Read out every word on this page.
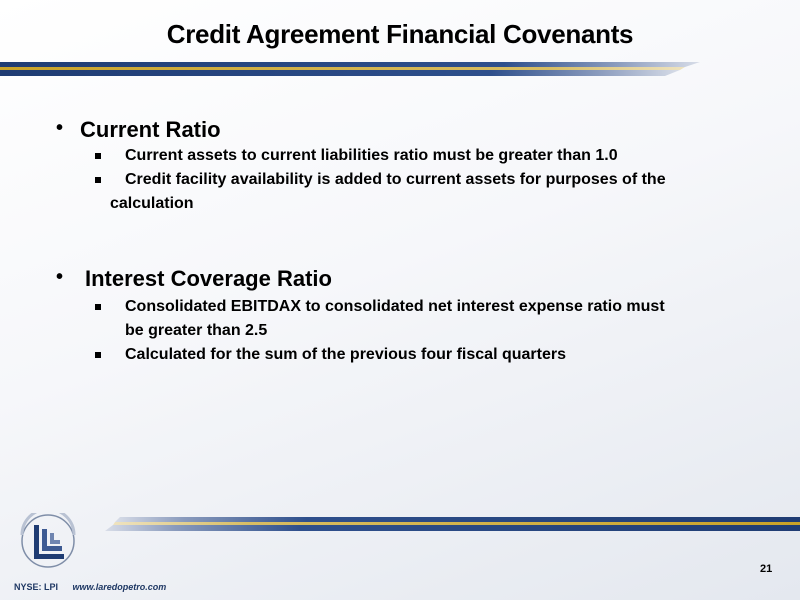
Credit Agreement Financial Covenants
• Current Ratio
Current assets to current liabilities ratio must be greater than 1.0
Credit facility availability is added to current assets for purposes of the
calculation
• Interest Coverage Ratio
Consolidated EBITDAX to consolidated net interest expense ratio must
be greater than 2.5
Calculated for the sum of the previous four fiscal quarters
NYSE: LPI www.laredopetro.com
21
